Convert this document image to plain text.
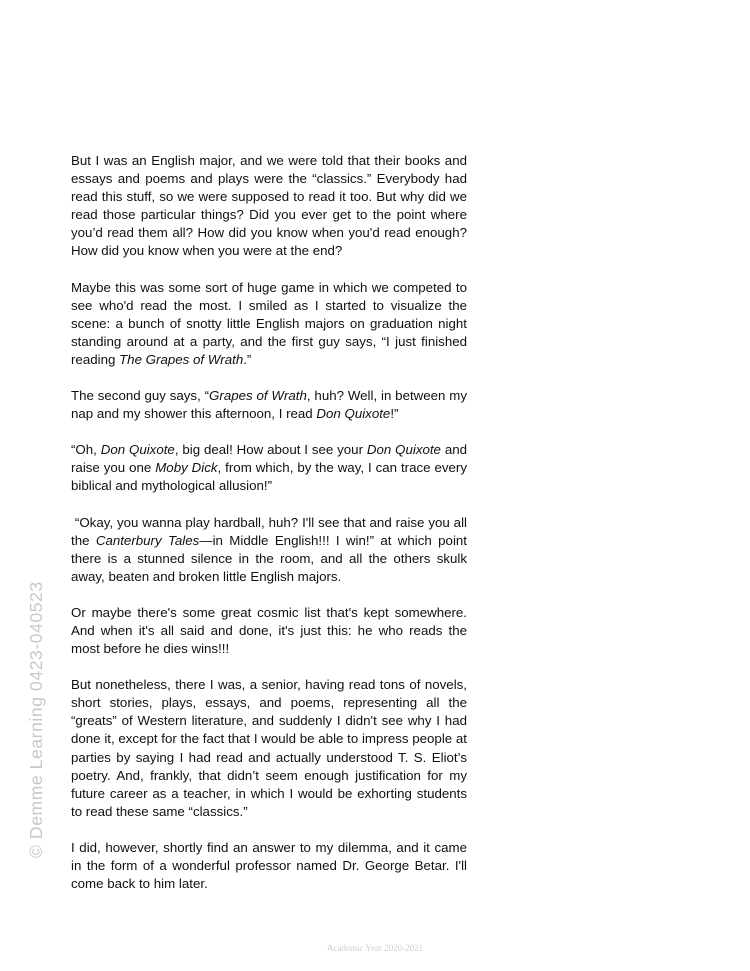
But I was an English major, and we were told that their books and essays and poems and plays were the “classics.” Everybody had read this stuff, so we were supposed to read it too. But why did we read those particular things? Did you ever get to the point where you’d read them all? How did you know when you'd read enough? How did you know when you were at the end?

Maybe this was some sort of huge game in which we competed to see who'd read the most. I smiled as I started to visualize the scene: a bunch of snotty little English majors on graduation night standing around at a party, and the first guy says, “I just finished reading The Grapes of Wrath.”

The second guy says, “Grapes of Wrath, huh? Well, in between my nap and my shower this afternoon, I read Don Quixote!”

“Oh, Don Quixote, big deal! How about I see your Don Quixote and raise you one Moby Dick, from which, by the way, I can trace every biblical and mythological allusion!”

“Okay, you wanna play hardball, huh? I'll see that and raise you all the Canterbury Tales—in Middle English!!! I win!” at which point there is a stunned silence in the room, and all the others skulk away, beaten and broken little English majors.

Or maybe there's some great cosmic list that's kept somewhere. And when it's all said and done, it's just this: he who reads the most before he dies wins!!!

But nonetheless, there I was, a senior, having read tons of novels, short stories, plays, essays, and poems, representing all the “greats” of Western literature, and suddenly I didn't see why I had done it, except for the fact that I would be able to impress people at parties by saying I had read and actually understood T. S. Eliot’s poetry. And, frankly, that didn’t seem enough justification for my future career as a teacher, in which I would be exhorting students to read these same “classics.”

I did, however, shortly find an answer to my dilemma, and it came in the form of a wonderful professor named Dr. George Betar. I'll come back to him later.

© Demme Learning 0423-040523
Academic Year 2020-2021
